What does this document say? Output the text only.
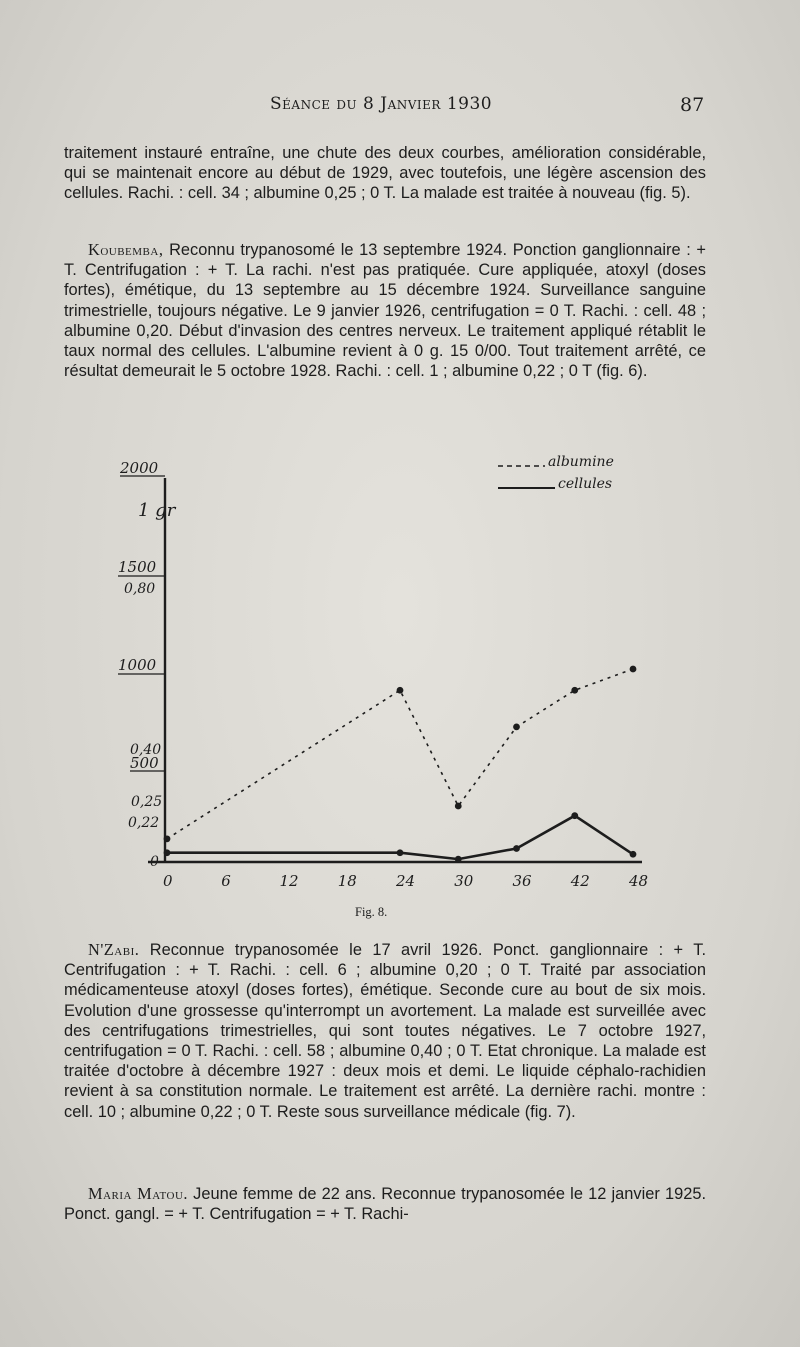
Séance du 8 Janvier 1930	87

traitement instauré entraîne, une chute des deux courbes, amélioration considérable, qui se maintenait encore au début de 1929, avec toutefois, une légère ascension des cellules. Rachi. : cell. 34 ; albumine 0,25 ; 0 T. La malade est traitée à nouveau (fig. 5).

Koubemba, Reconnu trypanosomé le 13 septembre 1924. Ponction ganglionnaire : + T. Centrifugation : + T. La rachi. n'est pas pratiquée. Cure appliquée, atoxyl (doses fortes), émétique, du 13 septembre au 15 décembre 1924. Surveillance sanguine trimestrielle, toujours négative. Le 9 janvier 1926, centrifugation = 0 T. Rachi. : cell. 48 ; albumine 0,20. Début d'invasion des centres nerveux. Le traitement appliqué rétablit le taux normal des cellules. L'albumine revient à 0 g. 15 0/00. Tout traitement arrêté, ce résultat demeurait le 5 octobre 1928. Rachi. : cell. 1 ; albumine 0,22 ; 0 T (fig. 6).

2000
1 gr
1500
0,80
1000
0,40
500
0,25
0,22
0
0	6	12	18	24	30	36	42	48
albumine
cellules
Fig. 8.

N'Zabi. Reconnue trypanosomée le 17 avril 1926. Ponct. ganglionnaire : + T. Centrifugation : + T. Rachi. : cell. 6 ; albumine 0,20 ; 0 T. Traité par association médicamenteuse atoxyl (doses fortes), émétique. Seconde cure au bout de six mois. Evolution d'une grossesse qu'interrompt un avortement. La malade est surveillée avec des centrifugations trimestrielles, qui sont toutes négatives. Le 7 octobre 1927, centrifugation = 0 T. Rachi. : cell. 58 ; albumine 0,40 ; 0 T. Etat chronique. La malade est traitée d'octobre à décembre 1927 : deux mois et demi. Le liquide céphalo-rachidien revient à sa constitution normale. Le traitement est arrêté. La dernière rachi. montre : cell. 10 ; albumine 0,22 ; 0 T. Reste sous surveillance médicale (fig. 7).

Maria Matou. Jeune femme de 22 ans. Reconnue trypanosomée le 12 janvier 1925. Ponct. gangl. = + T. Centrifugation = + T. Rachi-
